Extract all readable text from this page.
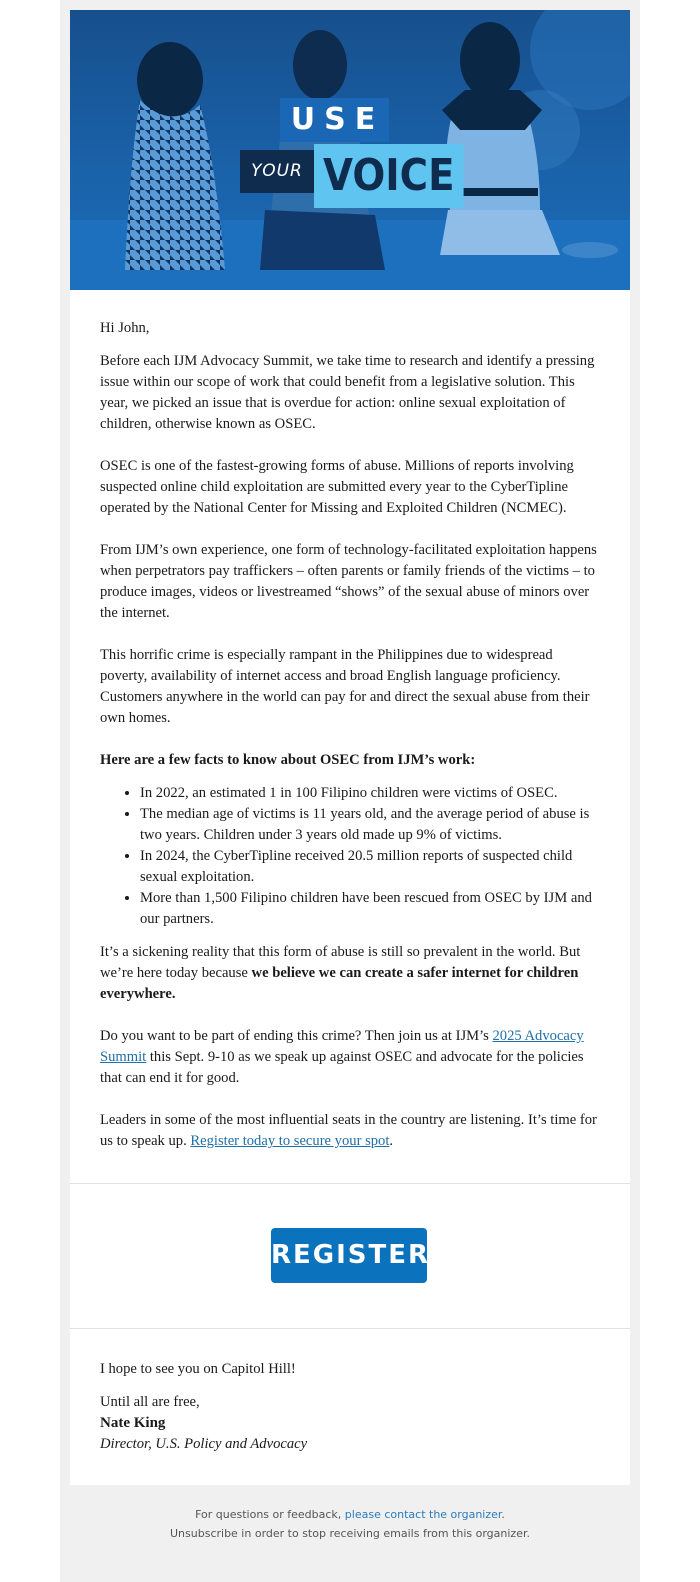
USE
YOUR VOICE

Hi John,

Before each IJM Advocacy Summit, we take time to research and identify a pressing issue within our scope of work that could benefit from a legislative solution. This year, we picked an issue that is overdue for action: online sexual exploitation of children, otherwise known as OSEC.

OSEC is one of the fastest-growing forms of abuse. Millions of reports involving suspected online child exploitation are submitted every year to the CyberTipline operated by the National Center for Missing and Exploited Children (NCMEC).

From IJM’s own experience, one form of technology-facilitated exploitation happens when perpetrators pay traffickers – often parents or family friends of the victims – to produce images, videos or livestreamed “shows” of the sexual abuse of minors over the internet.

This horrific crime is especially rampant in the Philippines due to widespread poverty, availability of internet access and broad English language proficiency. Customers anywhere in the world can pay for and direct the sexual abuse from their own homes.

Here are a few facts to know about OSEC from IJM’s work:

• In 2022, an estimated 1 in 100 Filipino children were victims of OSEC.
• The median age of victims is 11 years old, and the average period of abuse is two years. Children under 3 years old made up 9% of victims.
• In 2024, the CyberTipline received 20.5 million reports of suspected child sexual exploitation.
• More than 1,500 Filipino children have been rescued from OSEC by IJM and our partners.

It’s a sickening reality that this form of abuse is still so prevalent in the world. But we’re here today because we believe we can create a safer internet for children everywhere.

Do you want to be part of ending this crime? Then join us at IJM’s 2025 Advocacy Summit this Sept. 9-10 as we speak up against OSEC and advocate for the policies that can end it for good.

Leaders in some of the most influential seats in the country are listening. It’s time for us to speak up. Register today to secure your spot.

REGISTER

I hope to see you on Capitol Hill!

Until all are free,
Nate King
Director, U.S. Policy and Advocacy
For questions or feedback, please contact the organizer.
Unsubscribe in order to stop receiving emails from this organizer.
